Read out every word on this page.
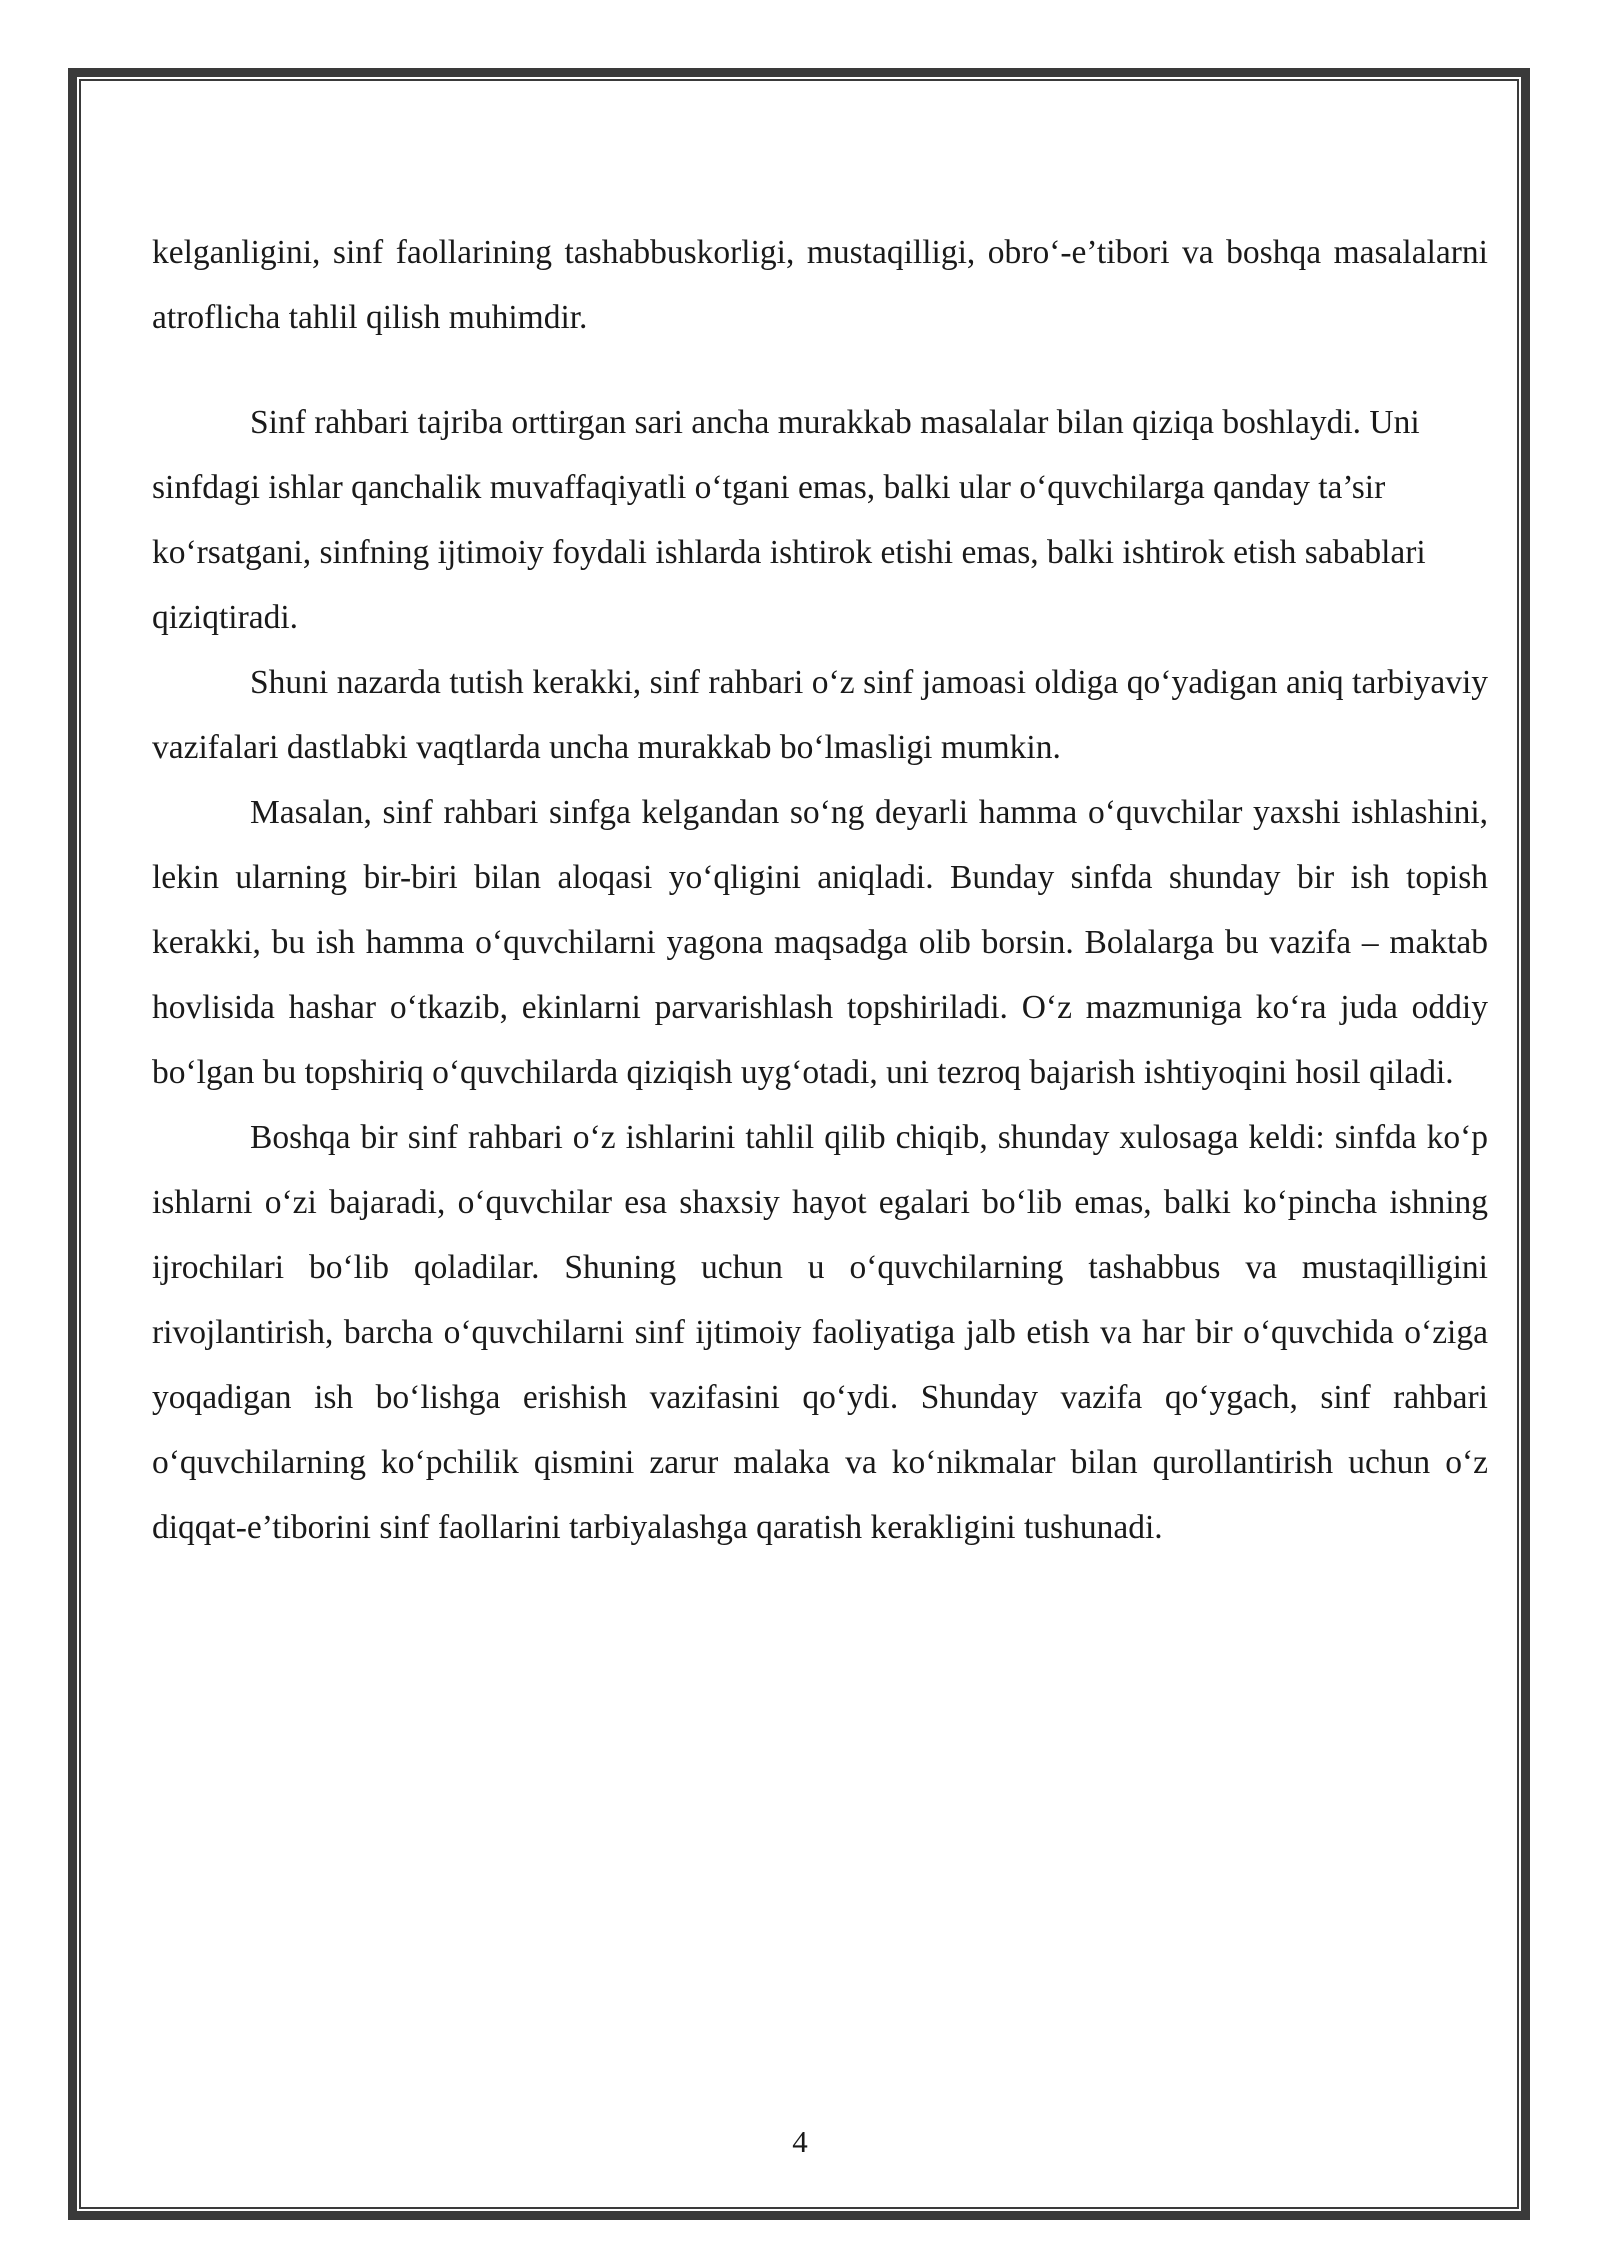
kelganligini, sinf faollarining tashabbuskorligi, mustaqilligi, obro‘-e’tibori va boshqa masalalarni atroflicha tahlil qilish muhimdir.

Sinf rahbari tajriba orttirgan sari ancha murakkab masalalar bilan qiziqa boshlaydi. Uni sinfdagi ishlar qanchalik muvaffaqiyatli o‘tgani emas, balki ular o‘quvchilarga qanday ta’sir ko‘rsatgani, sinfning ijtimoiy foydali ishlarda ishtirok etishi emas, balki ishtirok etish sabablari qiziqtiradi.

Shuni nazarda tutish kerakki, sinf rahbari o‘z sinf jamoasi oldiga qo‘yadigan aniq tarbiyaviy vazifalari dastlabki vaqtlarda uncha murakkab bo‘lmasligi mumkin.

Masalan, sinf rahbari sinfga kelgandan so‘ng deyarli hamma o‘quvchilar yaxshi ishlashini, lekin ularning bir-biri bilan aloqasi yo‘qligini aniqladi. Bunday sinfda shunday bir ish topish kerakki, bu ish hamma o‘quvchilarni yagona maqsadga olib borsin. Bolalarga bu vazifa – maktab hovlisida hashar o‘tkazib, ekinlarni parvarishlash topshiriladi. O‘z mazmuniga ko‘ra juda oddiy bo‘lgan bu topshiriq o‘quvchilarda qiziqish uyg‘otadi, uni tezroq bajarish ishtiyoqini hosil qiladi.

Boshqa bir sinf rahbari o‘z ishlarini tahlil qilib chiqib, shunday xulosaga keldi: sinfda ko‘p ishlarni o‘zi bajaradi, o‘quvchilar esa shaxsiy hayot egalari bo‘lib emas, balki ko‘pincha ishning ijrochilari bo‘lib qoladilar. Shuning uchun u o‘quvchilarning tashabbus va mustaqilligini rivojlantirish, barcha o‘quvchilarni sinf ijtimoiy faoliyatiga jalb etish va har bir o‘quvchida o‘ziga yoqadigan ish bo‘lishga erishish vazifasini qo‘ydi. Shunday vazifa qo‘ygach, sinf rahbari o‘quvchilarning ko‘pchilik qismini zarur malaka va ko‘nikmalar bilan qurollantirish uchun o‘z diqqat-e’tiborini sinf faollarini tarbiyalashga qaratish kerakligini tushunadi.

4
